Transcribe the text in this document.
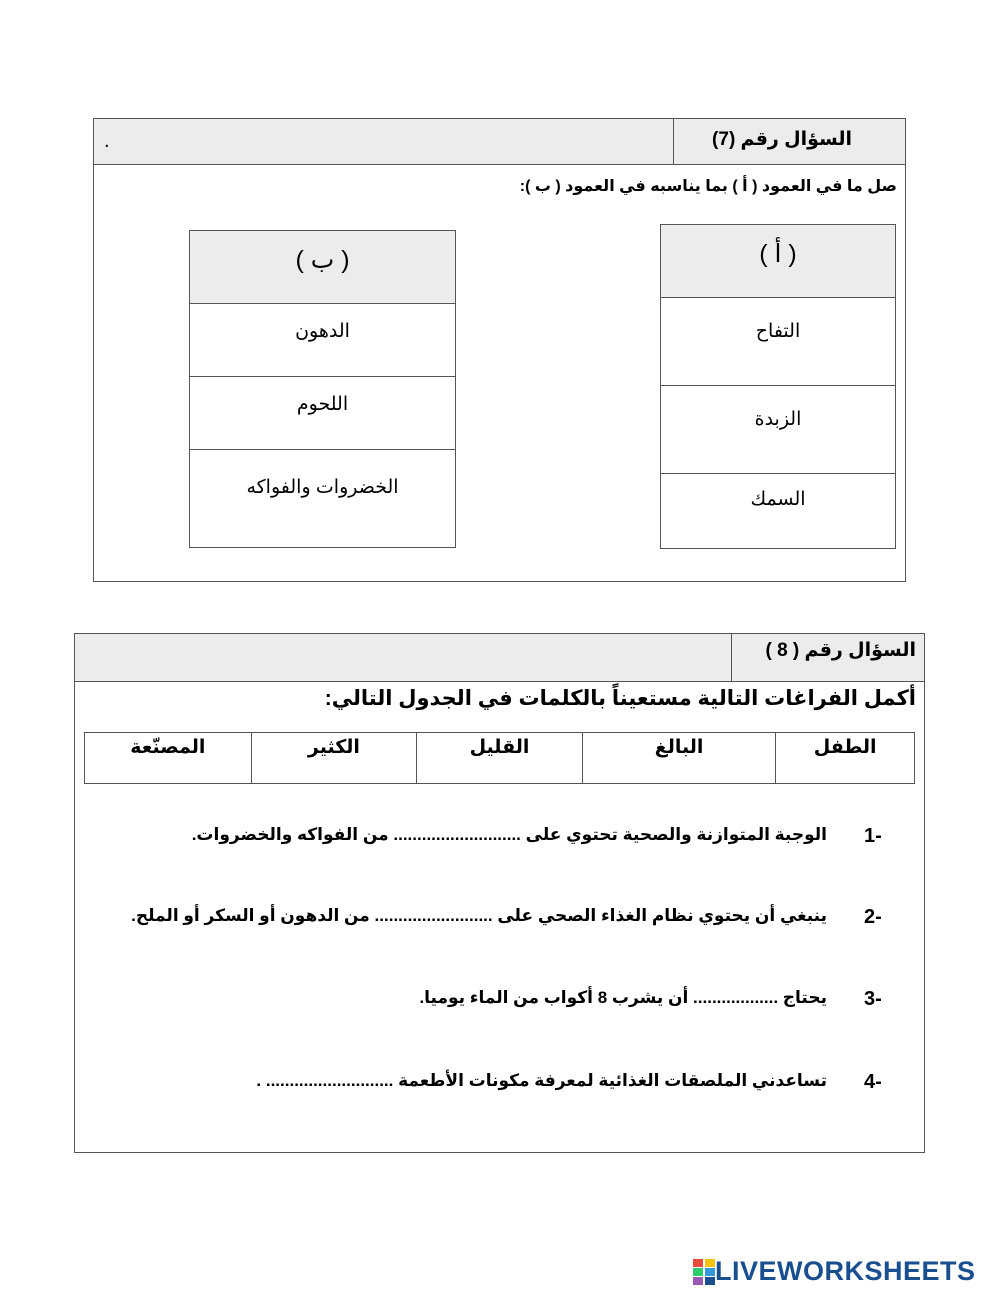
السؤال رقم (7)
.
صل ما في العمود ( أ ) بما يناسبه في العمود ( ب ):
( أ )
التفاح
الزبدة
السمك
( ب )
الدهون
اللحوم
الخضروات والفواكه
السؤال رقم ( 8 )
أكمل الفراغات التالية مستعيناً بالكلمات في الجدول التالي:
الطفل
البالغ
القليل
الكثير
المصنّعة
1-
الوجبة المتوازنة والصحية تحتوي على ........................... من الفواكه والخضروات.
2-
ينبغي أن يحتوي نظام الغذاء الصحي على ......................... من الدهون أو السكر أو الملح.
3-
يحتاج .................. أن يشرب 8 أكواب من الماء يوميا.
4-
تساعدني الملصقات الغذائية لمعرفة مكونات الأطعمة ........................... .
LIVEWORKSHEETS
